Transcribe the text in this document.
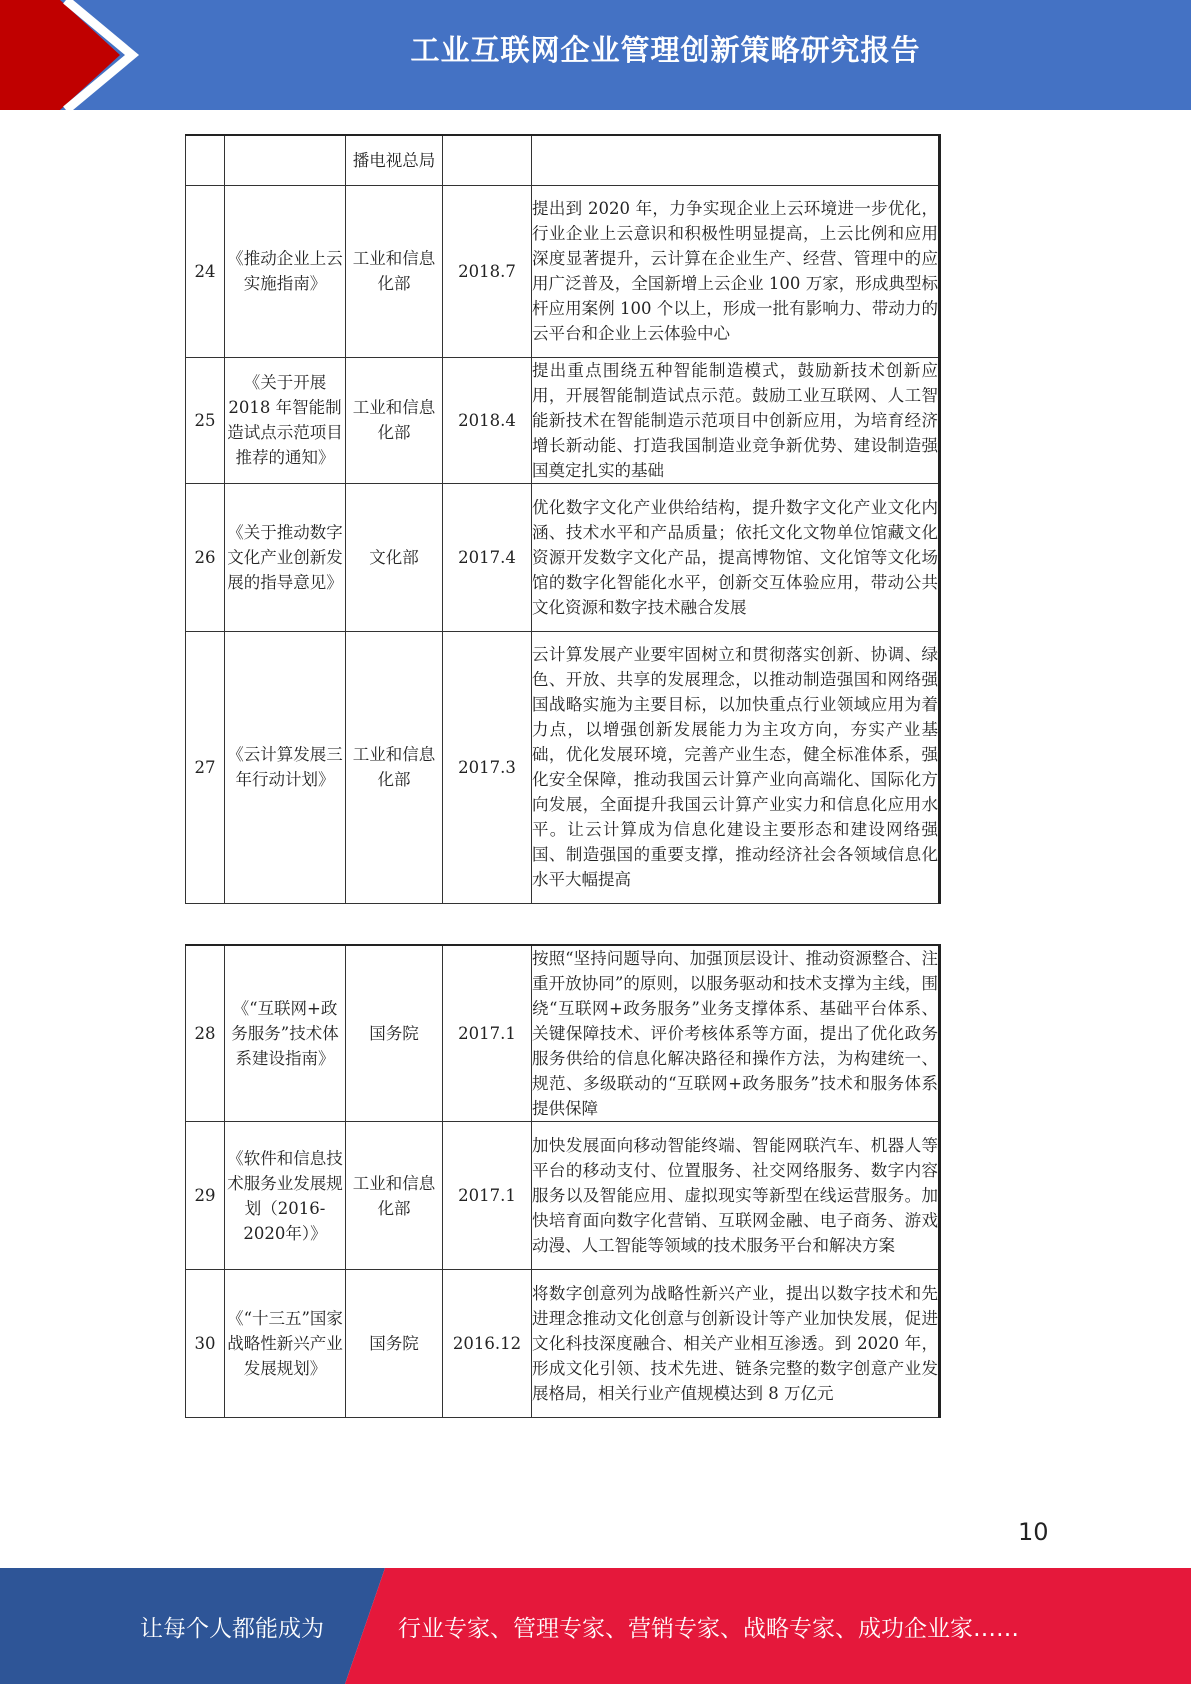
工业互联网企业管理创新策略研究报告
		播电视总局		
24	《推动企业上云实施指南》	工业和信息化部	2018.7	提出到 2020 年，力争实现企业上云环境进一步优化，行业企业上云意识和积极性明显提高，上云比例和应用深度显著提升，云计算在企业生产、经营、管理中的应用广泛普及，全国新增上云企业 100 万家，形成典型标杆应用案例 100 个以上，形成一批有影响力、带动力的云平台和企业上云体验中心
25	《关于开展 2018 年智能制造试点示范项目推荐的通知》	工业和信息化部	2018.4	提出重点围绕五种智能制造模式，鼓励新技术创新应用，开展智能制造试点示范。鼓励工业互联网、人工智能新技术在智能制造示范项目中创新应用，为培育经济增长新动能、打造我国制造业竞争新优势、建设制造强国奠定扎实的基础
26	《关于推动数字文化产业创新发展的指导意见》	文化部	2017.4	优化数字文化产业供给结构，提升数字文化产业文化内涵、技术水平和产品质量；依托文化文物单位馆藏文化资源开发数字文化产品，提高博物馆、文化馆等文化场馆的数字化智能化水平，创新交互体验应用，带动公共文化资源和数字技术融合发展
27	《云计算发展三年行动计划》	工业和信息化部	2017.3	云计算发展产业要牢固树立和贯彻落实创新、协调、绿色、开放、共享的发展理念，以推动制造强国和网络强国战略实施为主要目标，以加快重点行业领域应用为着力点，以增强创新发展能力为主攻方向，夯实产业基础，优化发展环境，完善产业生态，健全标准体系，强化安全保障，推动我国云计算产业向高端化、国际化方向发展，全面提升我国云计算产业实力和信息化应用水平。让云计算成为信息化建设主要形态和建设网络强国、制造强国的重要支撑，推动经济社会各领域信息化水平大幅提高
28	《“互联网+政务服务”技术体系建设指南》	国务院	2017.1	按照“坚持问题导向、加强顶层设计、推动资源整合、注重开放协同”的原则，以服务驱动和技术支撑为主线，围绕“互联网+政务服务”业务支撑体系、基础平台体系、关键保障技术、评价考核体系等方面，提出了优化政务服务供给的信息化解决路径和操作方法，为构建统一、规范、多级联动的“互联网+政务服务”技术和服务体系提供保障
29	《软件和信息技术服务业发展规划（2016-2020年）》	工业和信息化部	2017.1	加快发展面向移动智能终端、智能网联汽车、机器人等平台的移动支付、位置服务、社交网络服务、数字内容服务以及智能应用、虚拟现实等新型在线运营服务。加快培育面向数字化营销、互联网金融、电子商务、游戏动漫、人工智能等领域的技术服务平台和解决方案
30	《“十三五”国家战略性新兴产业发展规划》	国务院	2016.12	将数字创意列为战略性新兴产业，提出以数字技术和先进理念推动文化创意与创新设计等产业加快发展，促进文化科技深度融合、相关产业相互渗透。到 2020 年，形成文化引领、技术先进、链条完整的数字创意产业发展格局，相关行业产值规模达到 8 万亿元
10
让每个人都能成为	行业专家、管理专家、营销专家、战略专家、成功企业家……
